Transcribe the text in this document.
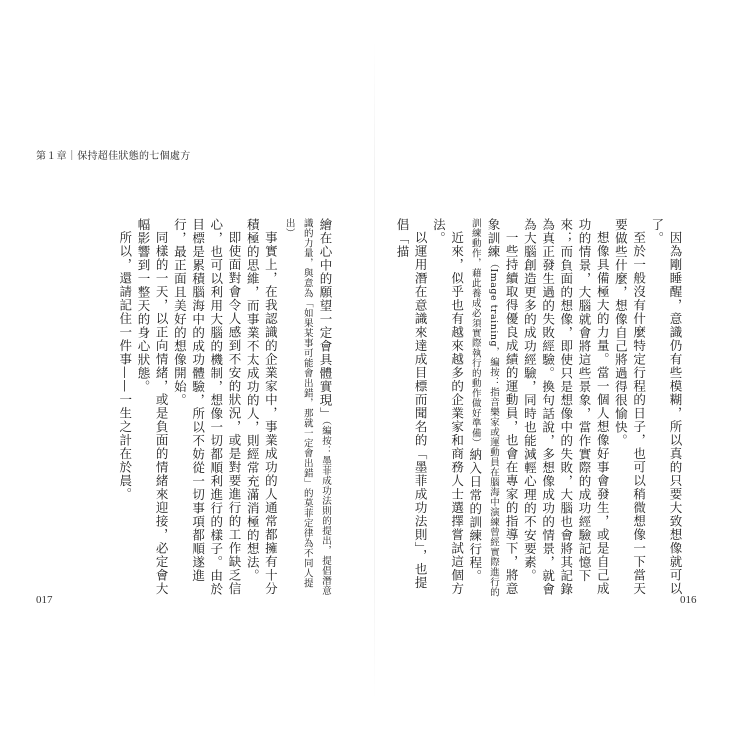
第１章｜保持超佳狀態的七個處方

因為剛睡醒，意識仍有些模糊，所以真的只要大致想像就可以了。

至於一般沒有什麼特定行程的日子，也可以稍微想像一下當天要做些什麼，想像自己將過得很愉快。

想像具備極大的力量。當一個人想像好事會發生，或是自己成功的情景，大腦就會將這些景象，當作實際的成功經驗記憶下來；而負面的想像，即使只是想像中的失敗，大腦也會將其記錄為真正發生過的失敗經驗。換句話說，多想像成功的情景，就會為大腦創造更多的成功經驗，同時也能減輕心理的不安要素。

一些持續取得優良成績的運動員，也會在專家的指導下，將意象訓練（Image training，編按：指音樂家或運動員在腦海中演練曾經實際進行的訓練動作，藉此養成必須實際執行的動作做好準備）納入日常的訓練行程。

近來，似乎也有越來越多的企業家和商務人士選擇嘗試這個方法。

以運用潛在意識來達成目標而聞名的「墨菲成功法則」，也提倡「描

繪在心中的願望一定會具體實現」（編按：墨菲成功法則的提出，提倡潛意識的力量，與意為「如果某事可能會出錯，那就一定會出錯」的莫菲定律為不同人提出）

事實上，在我認識的企業家中，事業成功的人通常都擁有十分積極的思維，而事業不太成功的人，則經常充滿消極的想法。

即使面對會令人感到不安的狀況，或是對要進行的工作缺乏信心，也可以利用大腦的機制，想像一切都順利進行的樣子。由於目標是累積腦海中的成功體驗，所以不妨從一切事項都順遂進行，最正面且美好的想像開始。

同樣的一天，以正向情緒，或是負面的情緒來迎接，必定會大幅影響到一整天的身心狀態。

所以，還請記住一件事——一生之計在於晨。

017	016
